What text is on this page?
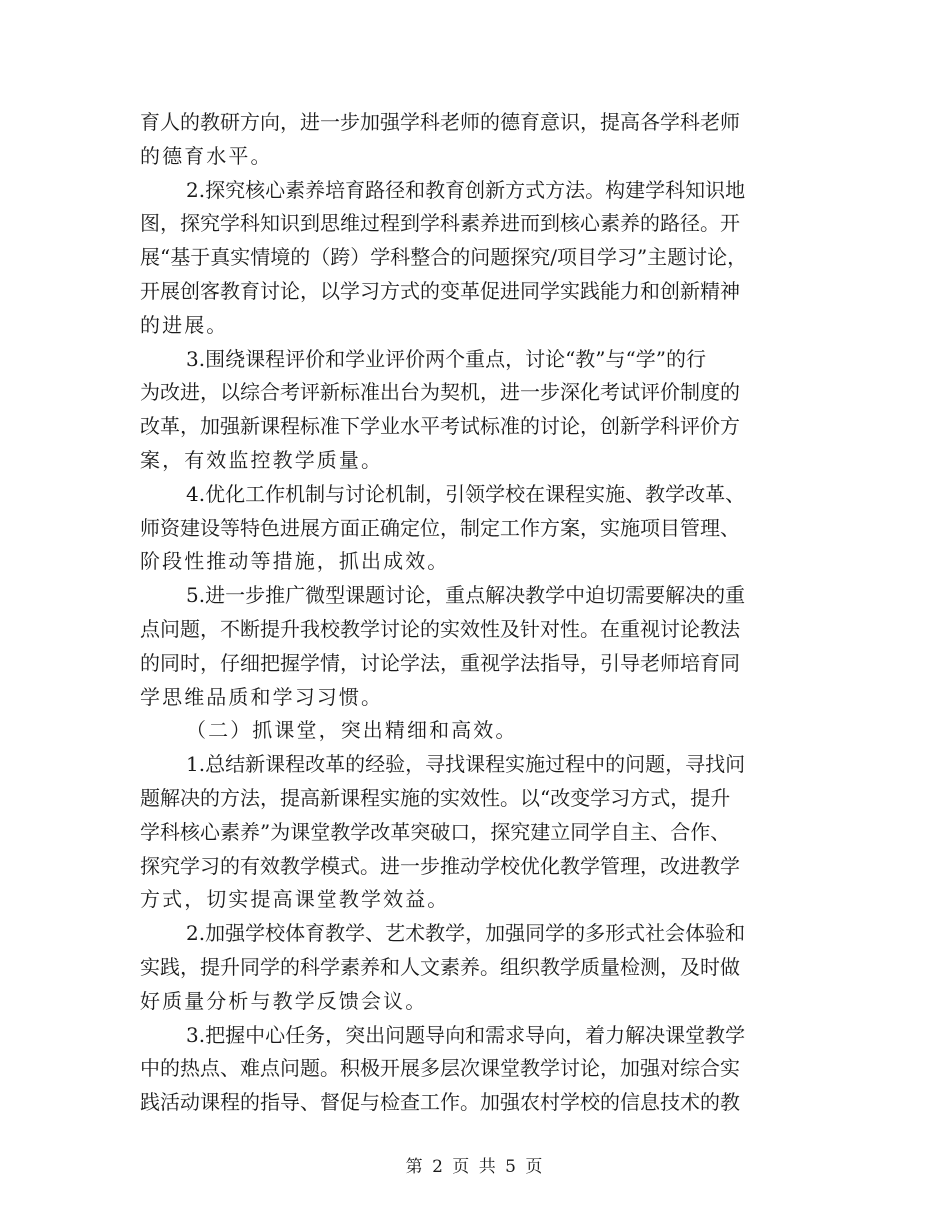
育人的教研方向，进一步加强学科老师的德育意识，提高各学科老师
的德育水平。
2.探究核心素养培育路径和教育创新方式方法。构建学科知识地
图，探究学科知识到思维过程到学科素养进而到核心素养的路径。开
展“基于真实情境的（跨）学科整合的问题探究/项目学习”主题讨论，
开展创客教育讨论，以学习方式的变革促进同学实践能力和创新精神
的进展。
3.围绕课程评价和学业评价两个重点，讨论“教”与“学”的行
为改进，以综合考评新标准出台为契机，进一步深化考试评价制度的
改革，加强新课程标准下学业水平考试标准的讨论，创新学科评价方
案，有效监控教学质量。
4.优化工作机制与讨论机制，引领学校在课程实施、教学改革、
师资建设等特色进展方面正确定位，制定工作方案，实施项目管理、
阶段性推动等措施，抓出成效。
5.进一步推广微型课题讨论，重点解决教学中迫切需要解决的重
点问题，不断提升我校教学讨论的实效性及针对性。在重视讨论教法
的同时，仔细把握学情，讨论学法，重视学法指导，引导老师培育同
学思维品质和学习习惯。
（二）抓课堂，突出精细和高效。
1.总结新课程改革的经验，寻找课程实施过程中的问题，寻找问
题解决的方法，提高新课程实施的实效性。以“改变学习方式，提升
学科核心素养”为课堂教学改革突破口，探究建立同学自主、合作、
探究学习的有效教学模式。进一步推动学校优化教学管理，改进教学
方式，切实提高课堂教学效益。
2.加强学校体育教学、艺术教学，加强同学的多形式社会体验和
实践，提升同学的科学素养和人文素养。组织教学质量检测，及时做
好质量分析与教学反馈会议。
3.把握中心任务，突出问题导向和需求导向，着力解决课堂教学
中的热点、难点问题。积极开展多层次课堂教学讨论，加强对综合实
践活动课程的指导、督促与检查工作。加强农村学校的信息技术的教
第 2 页 共 5 页
